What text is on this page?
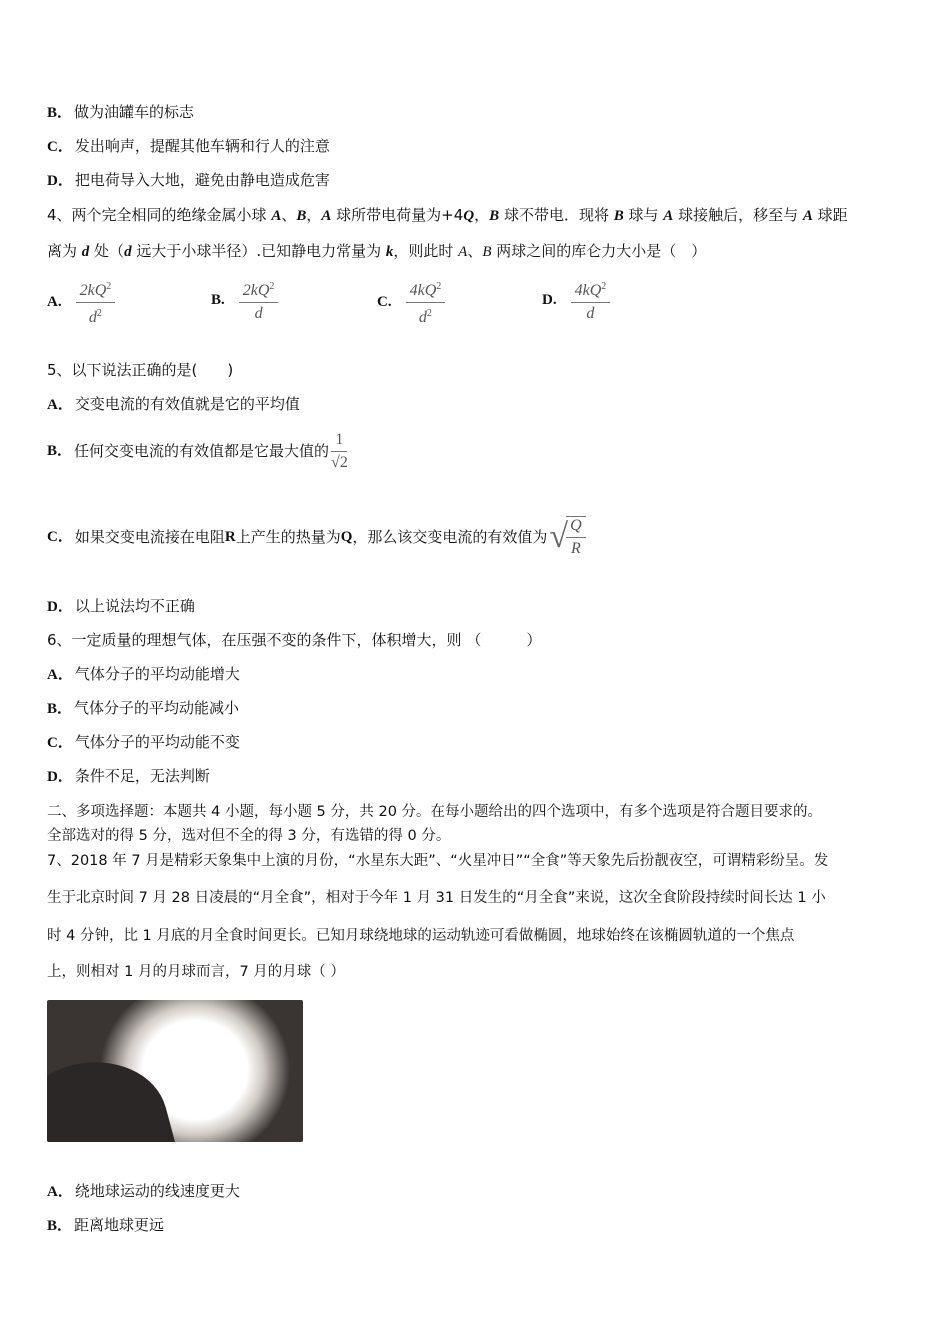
B． 做为油罐车的标志
C． 发出响声，提醒其他车辆和行人的注意
D． 把电荷导入大地，避免由静电造成危害
4、两个完全相同的绝缘金属小球 A、B，A 球所带电荷量为+4Q，B 球不带电．现将 B 球与 A 球接触后，移至与 A 球距
离为 d 处（d 远大于小球半径）.已知静电力常量为 k，则此时 A、B 两球之间的库仑力大小是（　）
A. $\frac{2kQ^2}{d^2}$	B. $\frac{2kQ^2}{d}$	C. $\frac{4kQ^2}{d^2}$	D. $\frac{4kQ^2}{d}$
5、以下说法正确的是(　　)
A． 交变电流的有效值就是它的平均值
B． 任何交变电流的有效值都是它最大值的 $\frac{1}{√2}$
C． 如果交变电流接在电阻 R 上产生的热量为 Q ，那么该交变电流的有效值为 √
$\frac{Q}{R}$
D． 以上说法均不正确
6、一定质量的理想气体，在压强不变的条件下，体积增大，则 （　　　）
A． 气体分子的平均动能增大
B． 气体分子的平均动能减小
C． 气体分子的平均动能不变
D． 条件不足，无法判断
二、多项选择题：本题共 4 小题，每小题 5 分，共 20 分。在每小题给出的四个选项中，有多个选项是符合题目要求的。
全部选对的得 5 分，选对但不全的得 3 分，有选错的得 0 分。
7、2018 年 7 月是精彩天象集中上演的月份，“水星东大距”、“火星冲日”“全食”等天象先后扮靓夜空，可谓精彩纷呈。发
生于北京时间 7 月 28 日凌晨的“月全食”，相对于今年 1 月 31 日发生的“月全食”来说，这次全食阶段持续时间长达 1 小
时 4 分钟，比 1 月底的月全食时间更长。已知月球绕地球的运动轨迹可看做椭圆，地球始终在该椭圆轨道的一个焦点
上，则相对 1 月的月球而言，7 月的月球（ ）
A． 绕地球运动的线速度更大
B． 距离地球更远
